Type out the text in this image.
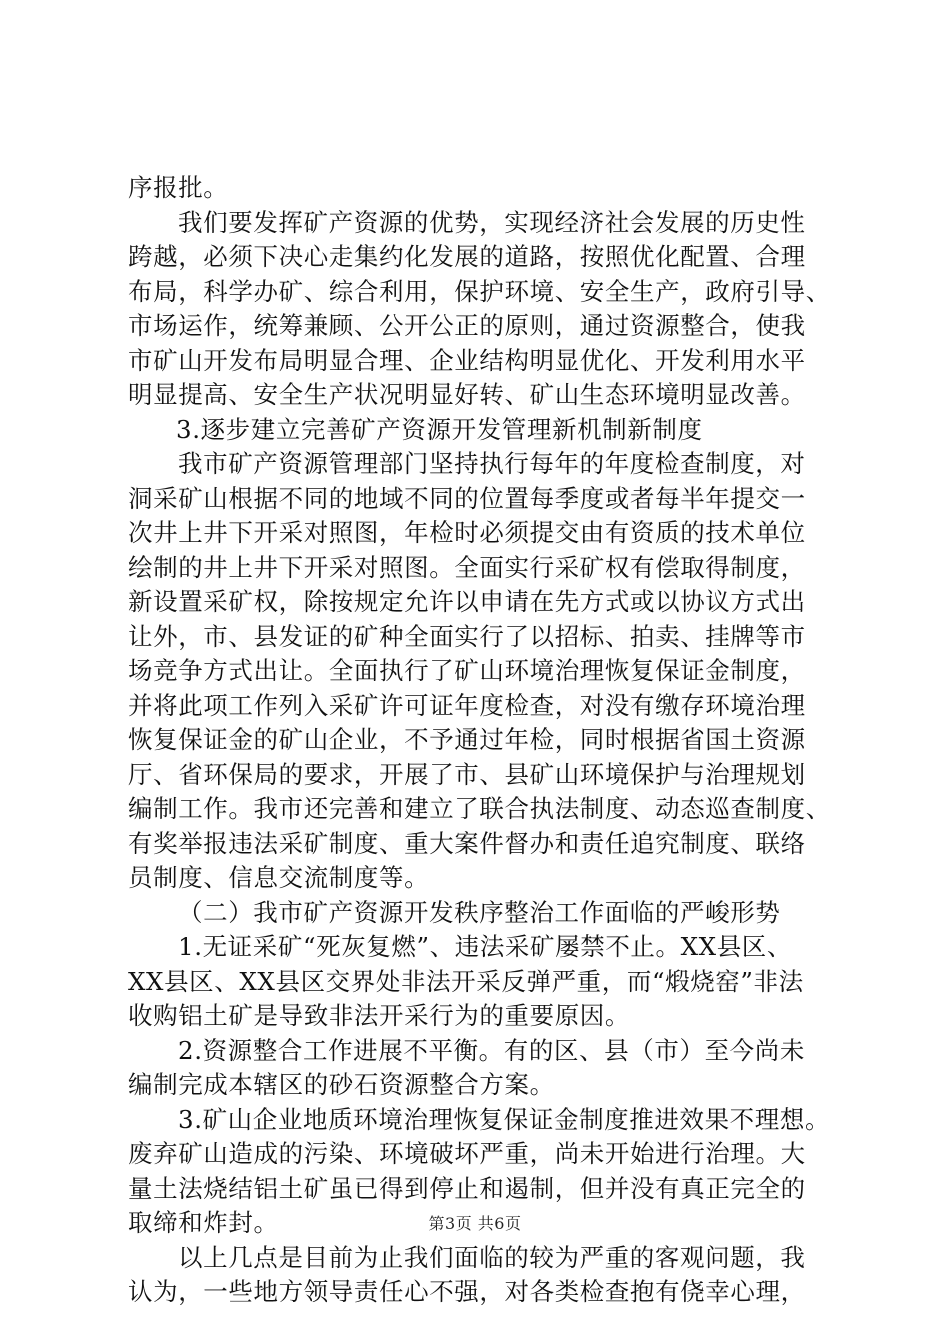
序报批。
我们要发挥矿产资源的优势，实现经济社会发展的历史性
跨越，必须下决心走集约化发展的道路，按照优化配置、合理
布局，科学办矿、综合利用，保护环境、安全生产，政府引导、
市场运作，统筹兼顾、公开公正的原则，通过资源整合，使我
市矿山开发布局明显合理、企业结构明显优化、开发利用水平
明显提高、安全生产状况明显好转、矿山生态环境明显改善。
3.逐步建立完善矿产资源开发管理新机制新制度
我市矿产资源管理部门坚持执行每年的年度检查制度，对
洞采矿山根据不同的地域不同的位置每季度或者每半年提交一
次井上井下开采对照图，年检时必须提交由有资质的技术单位
绘制的井上井下开采对照图。全面实行采矿权有偿取得制度，
新设置采矿权，除按规定允许以申请在先方式或以协议方式出
让外，市、县发证的矿种全面实行了以招标、拍卖、挂牌等市
场竞争方式出让。全面执行了矿山环境治理恢复保证金制度，
并将此项工作列入采矿许可证年度检查，对没有缴存环境治理
恢复保证金的矿山企业，不予通过年检，同时根据省国土资源
厅、省环保局的要求，开展了市、县矿山环境保护与治理规划
编制工作。我市还完善和建立了联合执法制度、动态巡查制度、
有奖举报违法采矿制度、重大案件督办和责任追究制度、联络
员制度、信息交流制度等。
（二）我市矿产资源开发秩序整治工作面临的严峻形势
1.无证采矿“死灰复燃”、违法采矿屡禁不止。XX县区、
XX县区、XX县区交界处非法开采反弹严重，而“煅烧窑”非法
收购铝土矿是导致非法开采行为的重要原因。
2.资源整合工作进展不平衡。有的区、县（市）至今尚未
编制完成本辖区的砂石资源整合方案。
3.矿山企业地质环境治理恢复保证金制度推进效果不理想。
废弃矿山造成的污染、环境破坏严重，尚未开始进行治理。大
量土法烧结铝土矿虽已得到停止和遏制，但并没有真正完全的
取缔和炸封。
以上几点是目前为止我们面临的较为严重的客观问题，我
认为，一些地方领导责任心不强，对各类检查抱有侥幸心理，
第3页 共6页
